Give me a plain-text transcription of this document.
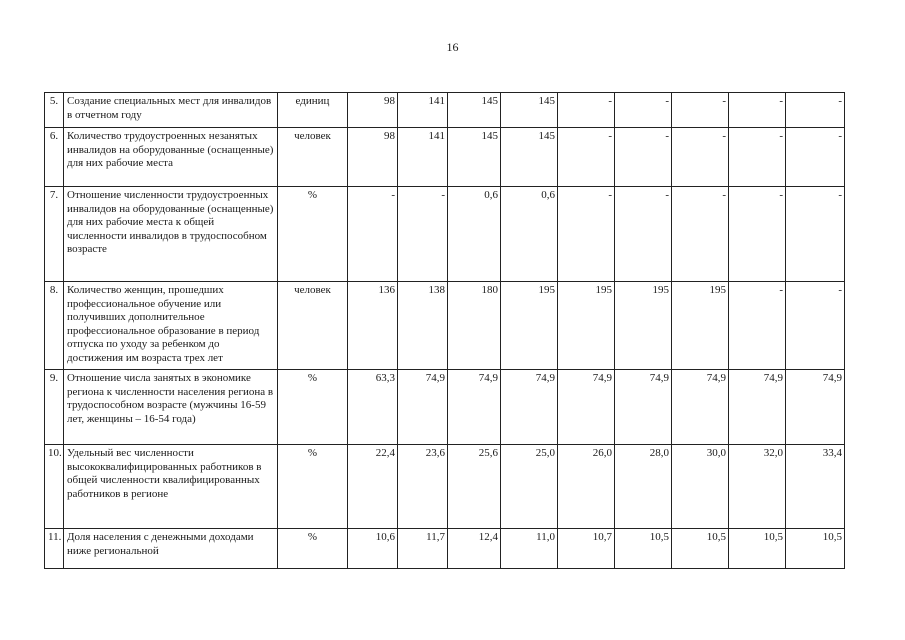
16
5.	Создание специальных мест для инвалидов в отчетном году	единиц	98	141	145	145	-	-	-	-	-
6.	Количество трудоустроенных незанятых инвалидов на оборудованные (оснащенные) для них рабочие места	человек	98	141	145	145	-	-	-	-	-
7.	Отношение численности трудоустроенных инвалидов на оборудованные (оснащенные) для них рабочие места к общей численности инвалидов в трудоспособном возрасте	%	-	-	0,6	0,6	-	-	-	-	-
8.	Количество женщин, прошедших профессиональное обучение или получивших дополнительное профессиональное образование в период отпуска по уходу за ребенком до достижения им возраста трех лет	человек	136	138	180	195	195	195	195	-	-
9.	Отношение числа занятых в экономике региона к численности населения региона в трудоспособном возрасте (мужчины 16-59 лет, женщины – 16-54 года)	%	63,3	74,9	74,9	74,9	74,9	74,9	74,9	74,9	74,9
10.	Удельный вес численности высококвалифицированных работников в общей численности квалифицированных работников в регионе	%	22,4	23,6	25,6	25,0	26,0	28,0	30,0	32,0	33,4
11.	Доля населения с денежными доходами ниже региональной	%	10,6	11,7	12,4	11,0	10,7	10,5	10,5	10,5	10,5
